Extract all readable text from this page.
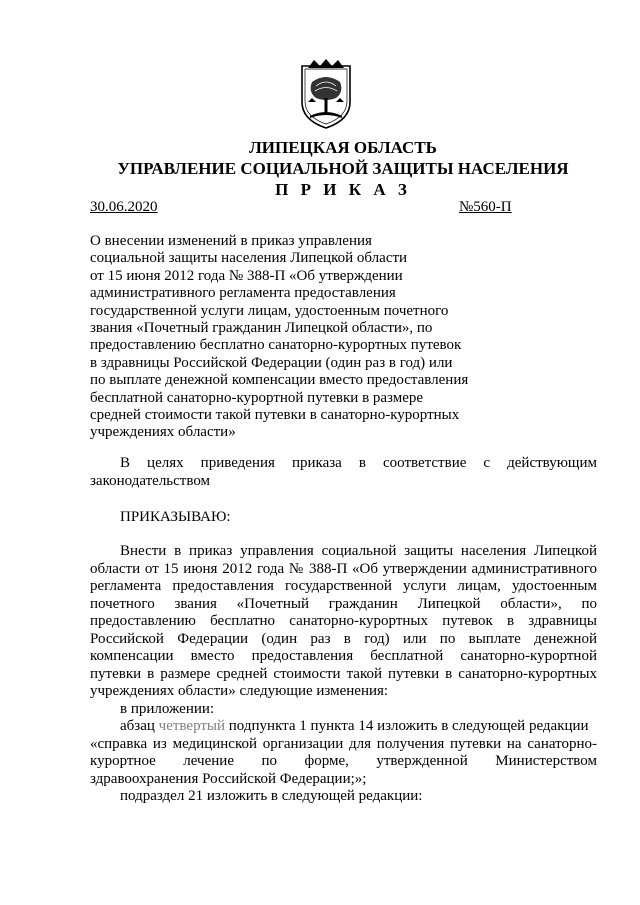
ЛИПЕЦКАЯ ОБЛАСТЬ
УПРАВЛЕНИЕ СОЦИАЛЬНОЙ ЗАЩИТЫ НАСЕЛЕНИЯ
П Р И К А З
30.06.2020	№560-П
О внесении изменений в приказ управления
социальной защиты населения Липецкой области
от 15 июня 2012 года № 388-П «Об утверждении
административного регламента предоставления
государственной услуги лицам, удостоенным почетного
звания «Почетный гражданин Липецкой области», по
предоставлению бесплатно санаторно-курортных путевок
в здравницы Российской Федерации (один раз в год) или
по выплате денежной компенсации вместо предоставления
бесплатной санаторно-курортной путевки в размере
средней стоимости такой путевки в санаторно-курортных
учреждениях области»
В целях приведения приказа в соответствие с действующим
законодательством
ПРИКАЗЫВАЮ:
Внести в приказ управления социальной защиты населения Липецкой
области от 15 июня 2012 года № 388-П «Об утверждении административного
регламента предоставления государственной услуги лицам, удостоенным
почетного звания «Почетный гражданин Липецкой области», по
предоставлению бесплатно санаторно-курортных путевок в здравницы
Российской Федерации (один раз в год) или по выплате денежной
компенсации вместо предоставления бесплатной санаторно-курортной
путевки в размере средней стоимости такой путевки в санаторно-курортных
учреждениях области» следующие изменения:
в приложении:
абзац четвертый подпункта 1 пункта 14 изложить в следующей редакции
«справка из медицинской организации для получения путевки на санаторно-
курортное лечение по форме, утвержденной Министерством
здравоохранения Российской Федерации;»;
подраздел 21 изложить в следующей редакции:
